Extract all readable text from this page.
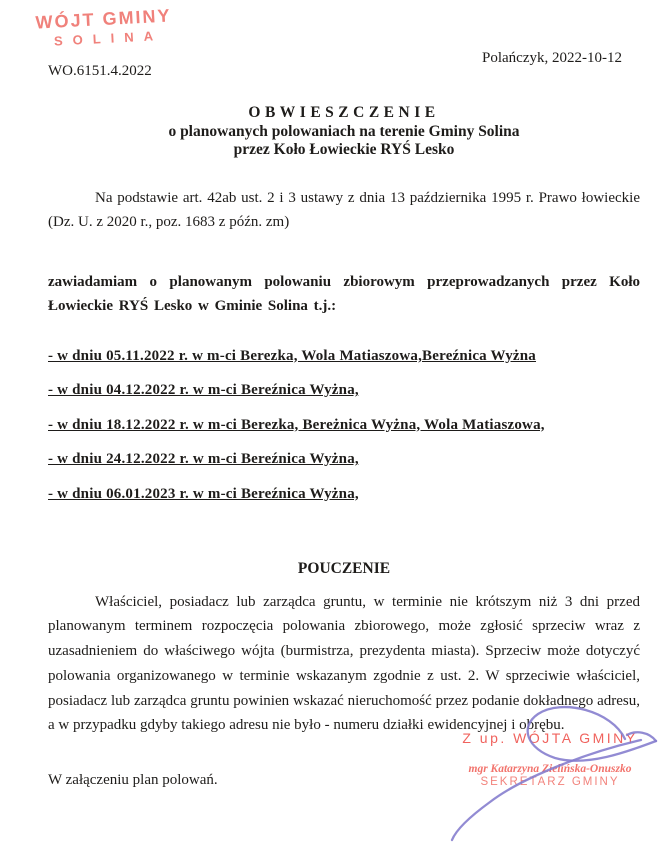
WÓJT GMINY
SOLINA
Polańczyk, 2022-10-12
WO.6151.4.2022
OBWIESZCZENIE
o planowanych polowaniach na terenie Gminy Solina
przez Koło Łowieckie RYŚ Lesko

Na podstawie art. 42ab ust. 2 i 3 ustawy z dnia 13 października 1995 r. Prawo łowieckie (Dz. U. z 2020 r., poz. 1683 z późn. zm)

zawiadamiam o planowanym polowaniu zbiorowym przeprowadzanych przez Koło Łowieckie RYŚ Lesko w Gminie Solina t.j.:

- w dniu 05.11.2022 r. w m-ci Berezka, Wola Matiaszowa,Bereźnica Wyżna
- w dniu 04.12.2022 r. w m-ci Bereźnica Wyżna,
- w dniu 18.12.2022 r. w m-ci Berezka, Bereżnica Wyżna, Wola Matiaszowa,
- w dniu 24.12.2022 r. w m-ci Bereźnica Wyżna,
- w dniu 06.01.2023 r. w m-ci Bereźnica Wyżna,
POUCZENIE

Właściciel, posiadacz lub zarządca gruntu, w terminie nie krótszym niż 3 dni przed planowanym terminem rozpoczęcia polowania zbiorowego, może zgłosić sprzeciw wraz z uzasadnieniem do właściwego wójta (burmistrza, prezydenta miasta). Sprzeciw może dotyczyć polowania organizowanego w terminie wskazanym zgodnie z ust. 2. W sprzeciwie właściciel, posiadacz lub zarządca gruntu powinien wskazać nieruchomość przez podanie dokładnego adresu, a w przypadku gdyby takiego adresu nie było - numeru działki ewidencyjnej i obrębu.

W załączeniu plan polowań.
Z up. WÓJTA GMINY
mgr Katarzyna Zielińska-Onuszko
SEKRETARZ GMINY
